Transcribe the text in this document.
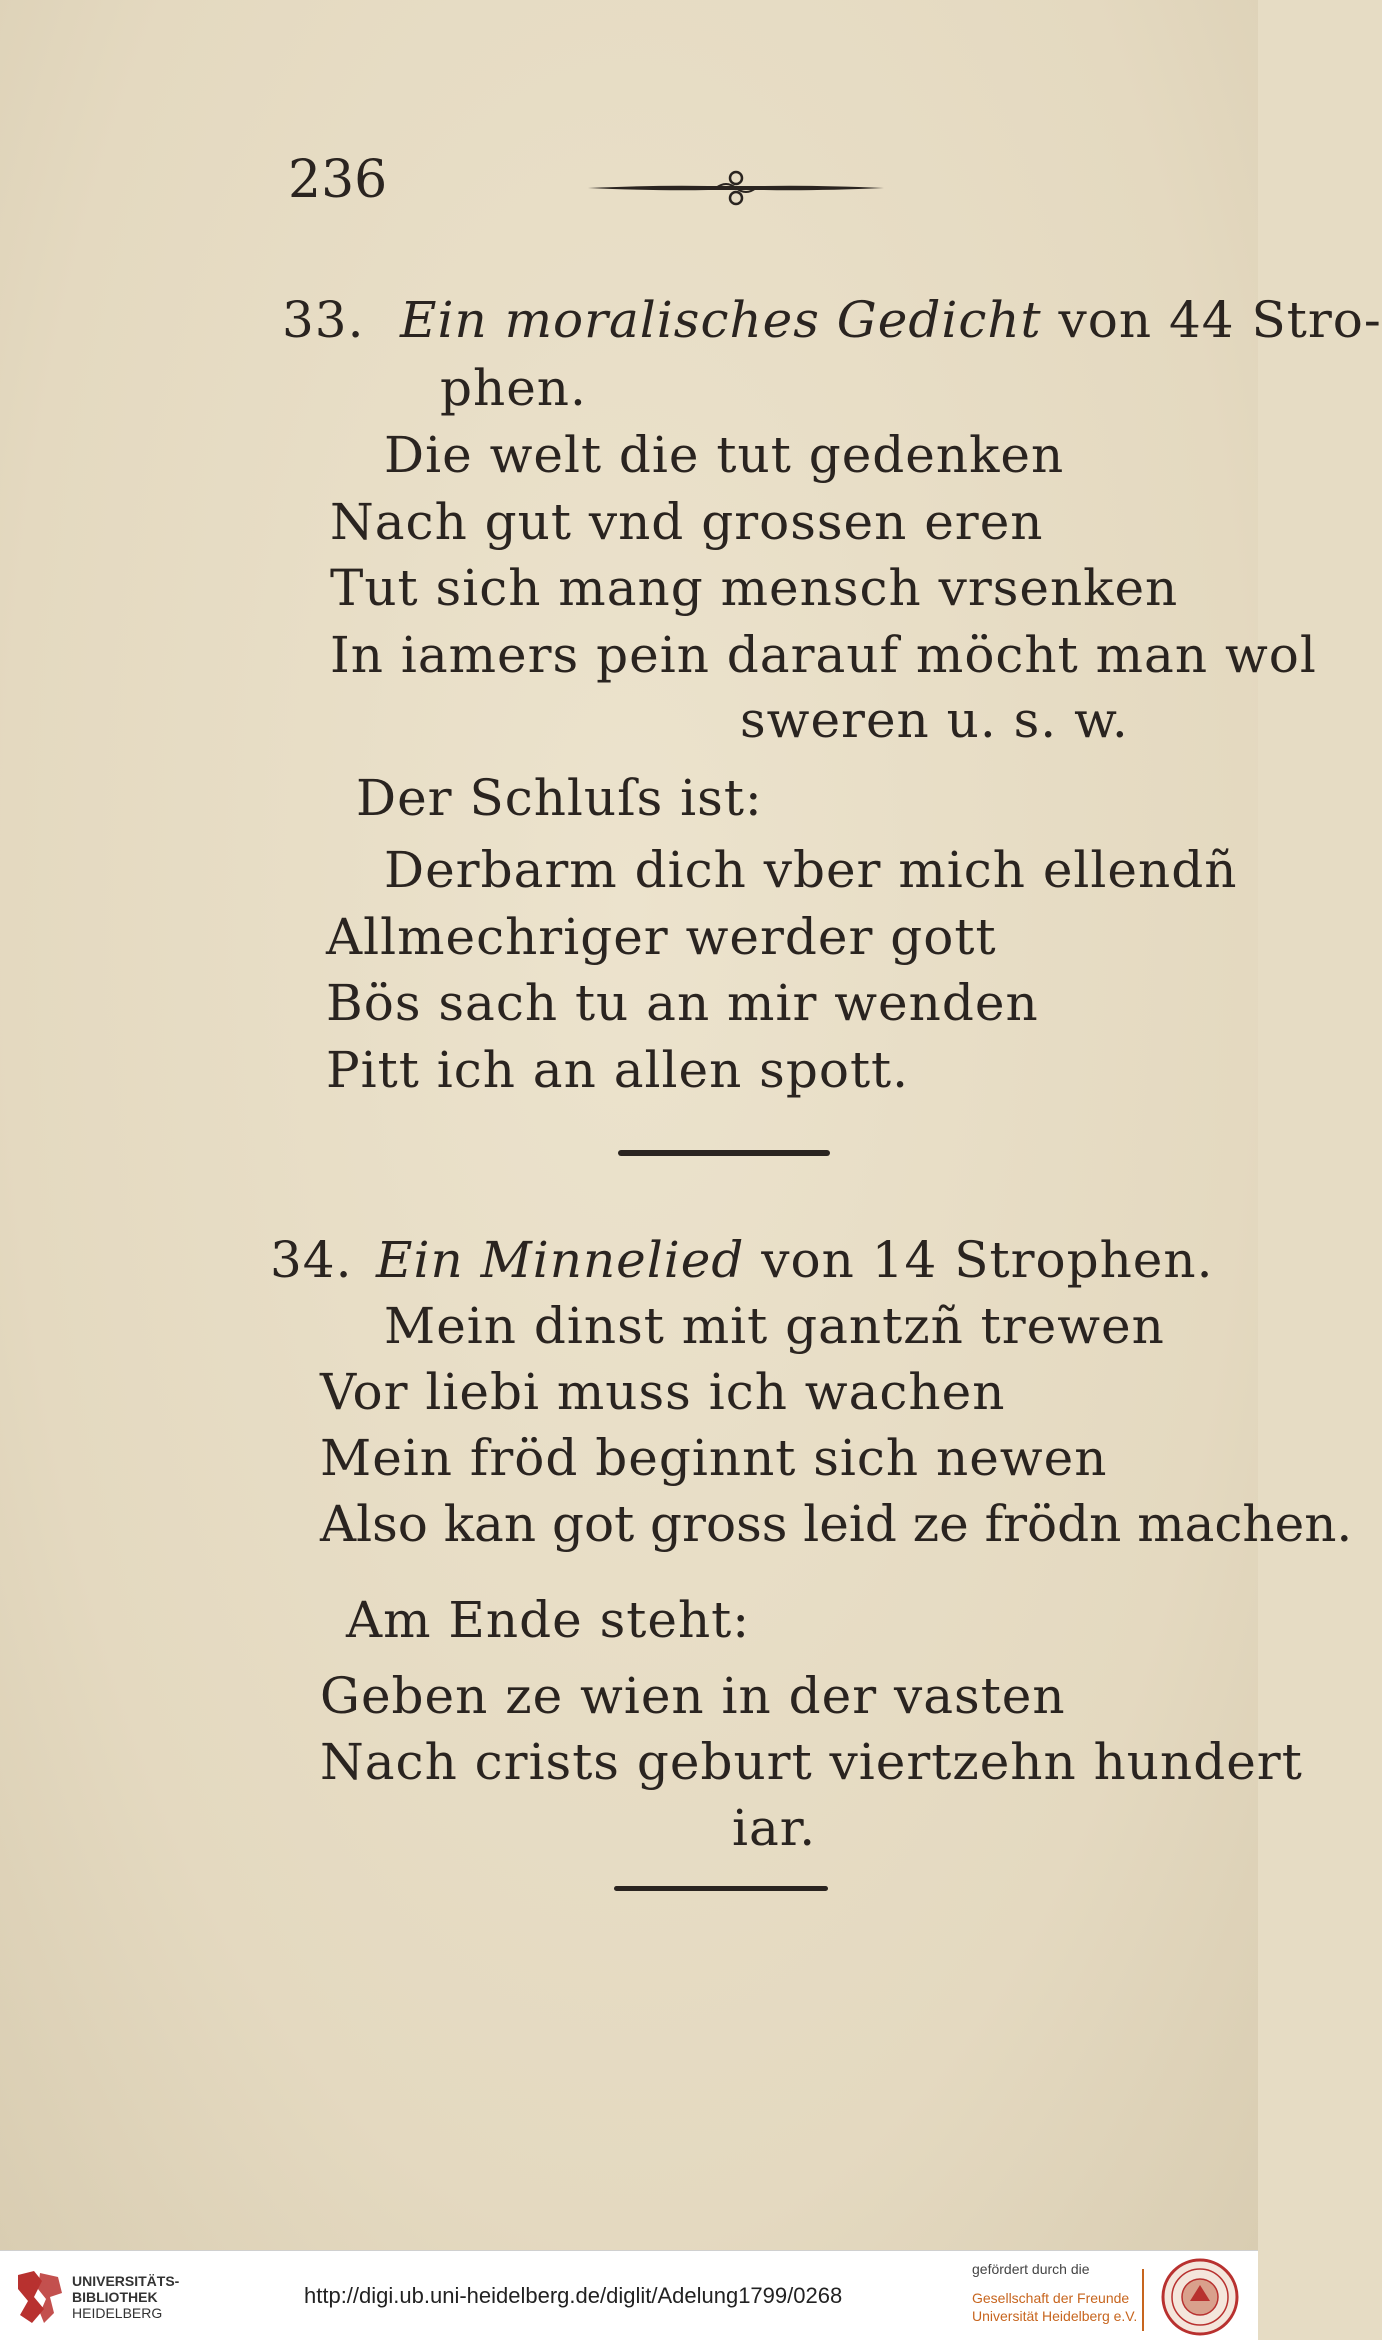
236
33. Ein moralisches Gedicht von 44 Stro-
phen.
Die welt die tut gedenken
Nach gut vnd grossen eren
Tut sich mang mensch vrsenken
In iamers pein darauf möcht man wol
sweren u. s. w.
Der Schluſs ist:
Derbarm dich vber mich ellendñ
Allmechriger werder gott
Bös sach tu an mir wenden
Pitt ich an allen spott.
34. Ein Minnelied von 14 Strophen.
Mein dinst mit gantzñ trewen
Vor liebi muss ich wachen
Mein fröd beginnt sich newen
Also kan got gross leid ze frödn machen.
Am Ende steht:
Geben ze wien in der vasten
Nach crists geburt viertzehn hundert
iar.
UNIVERSITÄTS-
BIBLIOTHEK
HEIDELBERG
http://digi.ub.uni-heidelberg.de/diglit/Adelung1799/0268
gefördert durch die
Gesellschaft der Freunde
Universität Heidelberg e.V.
